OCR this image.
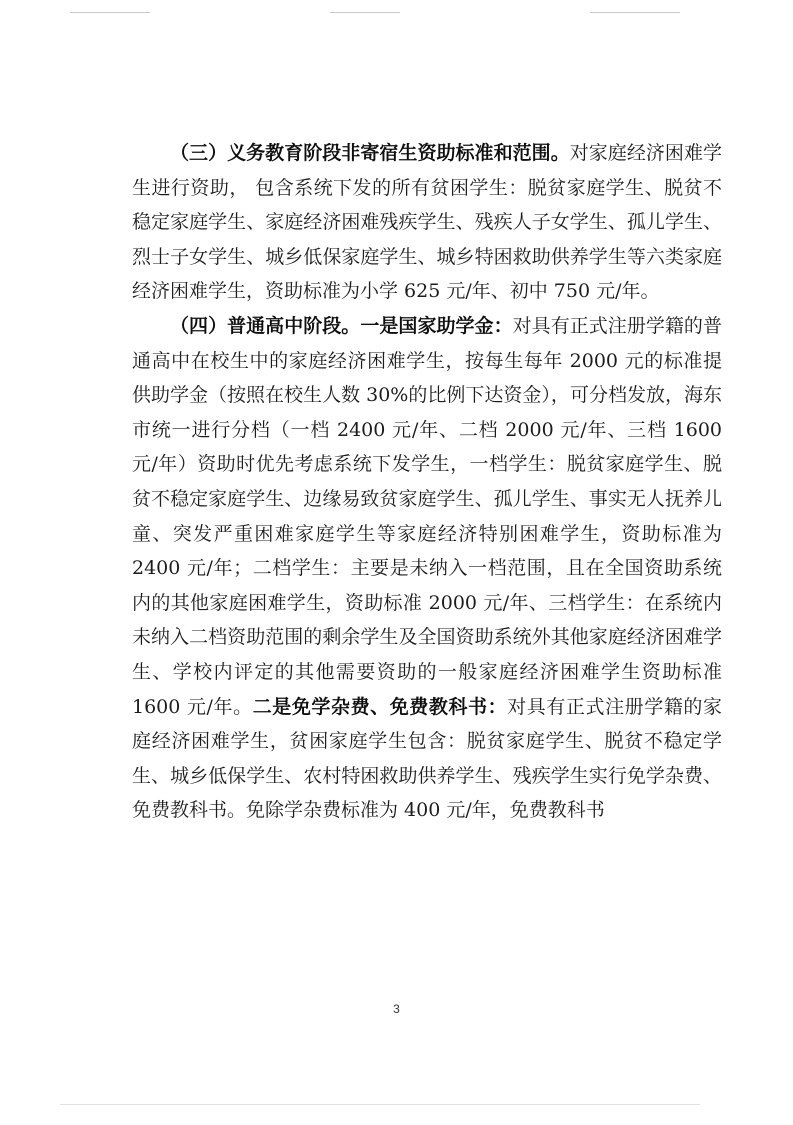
（三）义务教育阶段非寄宿生资助标准和范围。对家庭经济困难学生进行资助， 包含系统下发的所有贫困学生：脱贫家庭学生、脱贫不稳定家庭学生、家庭经济困难残疾学生、残疾人子女学生、孤儿学生、烈士子女学生、城乡低保家庭学生、城乡特困救助供养学生等六类家庭经济困难学生，资助标准为小学 625 元/年、初中 750 元/年。

（四）普通高中阶段。一是国家助学金：对具有正式注册学籍的普通高中在校生中的家庭经济困难学生，按每生每年 2000 元的标准提供助学金（按照在校生人数 30%的比例下达资金），可分档发放，海东市统一进行分档（一档 2400 元/年、二档 2000 元/年、三档 1600 元/年）资助时优先考虑系统下发学生，一档学生：脱贫家庭学生、脱贫不稳定家庭学生、边缘易致贫家庭学生、孤儿学生、事实无人抚养儿童、突发严重困难家庭学生等家庭经济特别困难学生，资助标准为 2400 元/年；二档学生：主要是未纳入一档范围，且在全国资助系统内的其他家庭困难学生，资助标准 2000 元/年、三档学生：在系统内未纳入二档资助范围的剩余学生及全国资助系统外其他家庭经济困难学生、学校内评定的其他需要资助的一般家庭经济困难学生资助标准 1600 元/年。二是免学杂费、免费教科书：对具有正式注册学籍的家庭经济困难学生，贫困家庭学生包含：脱贫家庭学生、脱贫不稳定学生、城乡低保学生、农村特困救助供养学生、残疾学生实行免学杂费、免费教科书。免除学杂费标准为 400 元/年，免费教科书

3
